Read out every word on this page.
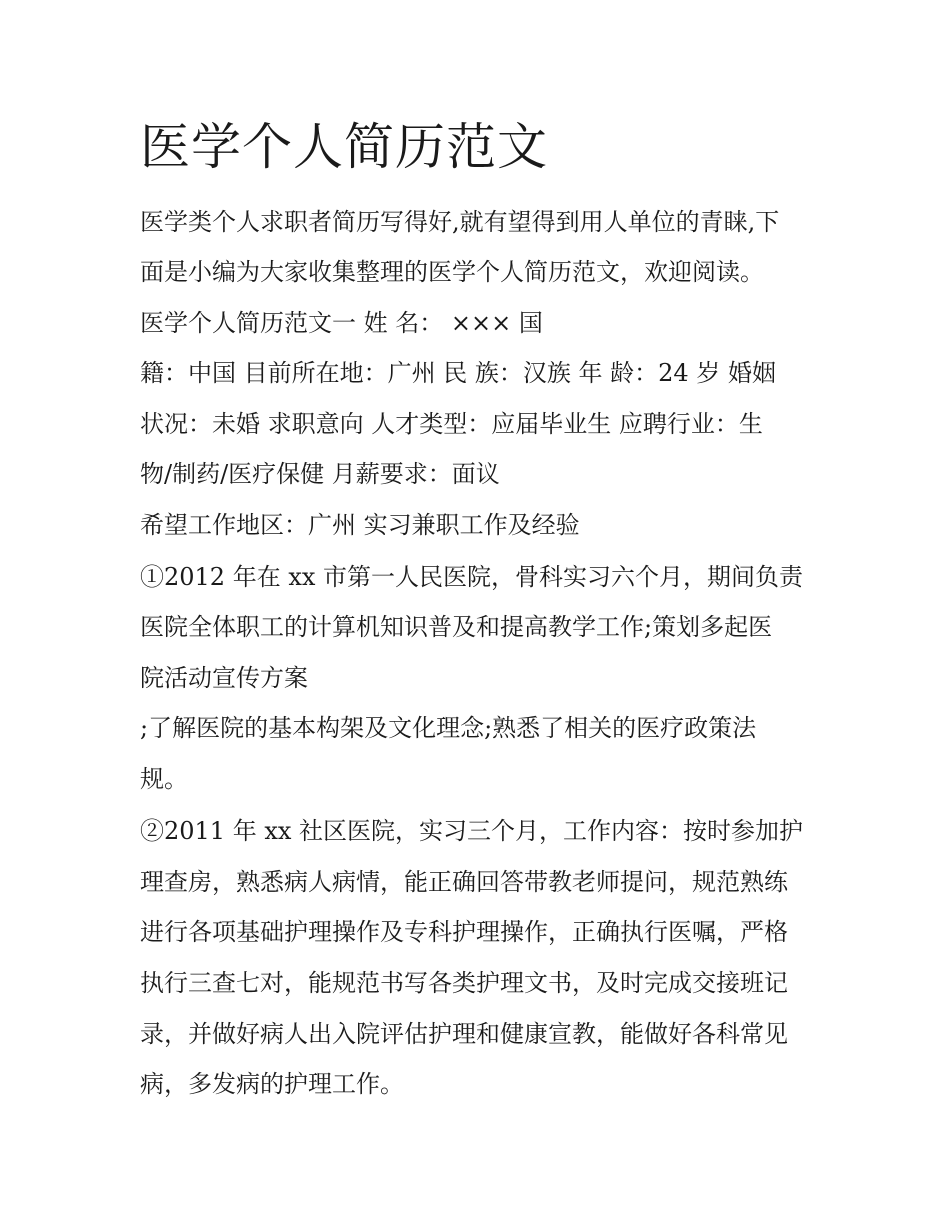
医学个人简历范文

医学类个人求职者简历写得好,就有望得到用人单位的青睐,下

面是小编为大家收集整理的医学个人简历范文，欢迎阅读。

医学个人简历范文一 姓 名： ××× 国

籍：中国 目前所在地：广州 民 族：汉族 年 龄：24 岁 婚姻

状况：未婚 求职意向 人才类型：应届毕业生 应聘行业：生

物/制药/医疗保健 月薪要求：面议

希望工作地区：广州 实习兼职工作及经验

①2012 年在 xx 市第一人民医院，骨科实习六个月，期间负责

医院全体职工的计算机知识普及和提高教学工作;策划多起医

院活动宣传方案

;了解医院的基本构架及文化理念;熟悉了相关的医疗政策法

规。

②2011 年 xx 社区医院，实习三个月，工作内容：按时参加护

理查房，熟悉病人病情，能正确回答带教老师提问，规范熟练

进行各项基础护理操作及专科护理操作，正确执行医嘱，严格

执行三查七对，能规范书写各类护理文书，及时完成交接班记

录，并做好病人出入院评估护理和健康宣教，能做好各科常见

病，多发病的护理工作。
